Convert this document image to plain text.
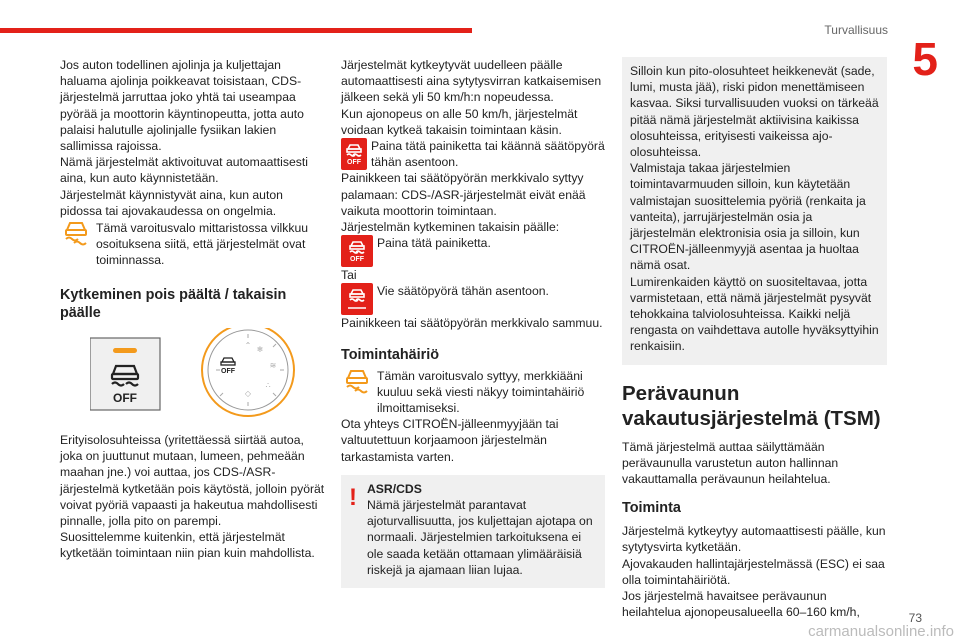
Turvallisuus
5

Jos auton todellinen ajolinja ja kuljettajan haluama ajolinja poikkeavat toisistaan, CDS-järjestelmä jarruttaa joko yhtä tai useampaa pyörää ja moottorin käyntinopeutta, jotta auto palaisi halutulle ajolinjalle fysiikan lakien sallimissa rajoissa.

Nämä järjestelmät aktivoituvat automaattisesti aina, kun auto käynnistetään.

Järjestelmät käynnistyvät aina, kun auton pidossa tai ajovakaudessa on ongelmia.

Tämä varoitusvalo mittaristossa vilkkuu osoituksena siitä, että järjestelmät ovat toiminnassa.
Kytkeminen pois päältä / takaisin päälle
OFF
OFF
❄
≋
∴
◇
⌃

Erityisolosuhteissa (yritettäessä siirtää autoa, joka on juuttunut mutaan, lumeen, pehmeään maahan jne.) voi auttaa, jos CDS-/ASR-järjestelmä kytketään pois käytöstä, jolloin pyörät voivat pyöriä vapaasti ja hakeutua mahdollisesti pinnalle, jolla pito on parempi.

Suosittelemme kuitenkin, että järjestelmät kytketään toimintaan niin pian kuin mahdollista.

Järjestelmät kytkeytyvät uudelleen päälle automaattisesti aina sytytysvirran katkaisemisen jälkeen sekä yli 50 km/h:n nopeudessa.

Kun ajonopeus on alle 50 km/h, järjestelmät voidaan kytkeä takaisin toimintaan käsin.

OFF
Paina tätä painiketta tai käännä säätöpyörä tähän asentoon.

Painikkeen tai säätöpyörän merkkivalo syttyy palamaan: CDS-/ASR-järjestelmät eivät enää vaikuta moottorin toimintaan.

Järjestelmän kytkeminen takaisin päälle:

OFF
Paina tätä painiketta.

Tai

Vie säätöpyörä tähän asentoon.

Painikkeen tai säätöpyörän merkkivalo sammuu.

Toimintahäiriö
Tämän varoitusvalo syttyy, merkkiääni kuuluu sekä viesti näkyy toimintahäiriö ilmoittamiseksi.

Ota yhteys CITROËN-jälleenmyyjään tai valtuutettuun korjaamoon järjestelmän tarkastamista varten.

! ASR/CDS
Nämä järjestelmät parantavat ajoturvallisuutta, jos kuljettajan ajotapa on normaali. Järjestelmien tarkoituksena ei ole saada ketään ottamaan ylimääräisiä riskejä ja ajamaan liian lujaa.

Silloin kun pito-olosuhteet heikkenevät (sade, lumi, musta jää), riski pidon menettämiseen kasvaa. Siksi turvallisuuden vuoksi on tärkeää pitää nämä järjestelmät aktiivisina kaikissa olosuhteissa, erityisesti vaikeissa ajo-olosuhteissa.

Valmistaja takaa järjestelmien toimintavarmuuden silloin, kun käytetään valmistajan suosittelemia pyöriä (renkaita ja vanteita), jarrujärjestelmän osia ja järjestelmän elektronisia osia ja silloin, kun CITROËN-jälleenmyyjä asentaa ja huoltaa nämä osat.

Lumirenkaiden käyttö on suositeltavaa, jotta varmistetaan, että nämä järjestelmät pysyvät tehokkaina talviolosuhteissa. Kaikki neljä rengasta on vaihdettava autolle hyväksyttyihin renkaisiin.

Perävaunun vakautusjärjestelmä (TSM)

Tämä järjestelmä auttaa säilyttämään perävaunulla varustetun auton hallinnan vakauttamalla perävaunun heilahtelua.

Toiminta

Järjestelmä kytkeytyy automaattisesti päälle, kun sytytysvirta kytketään.

Ajovakauden hallintajärjestelmässä (ESC) ei saa olla toimintahäiriötä.

Jos järjestelmä havaitsee perävaunun heilahtelua ajonopeusalueella 60–160 km/h,	73
carmanualsonline.info
